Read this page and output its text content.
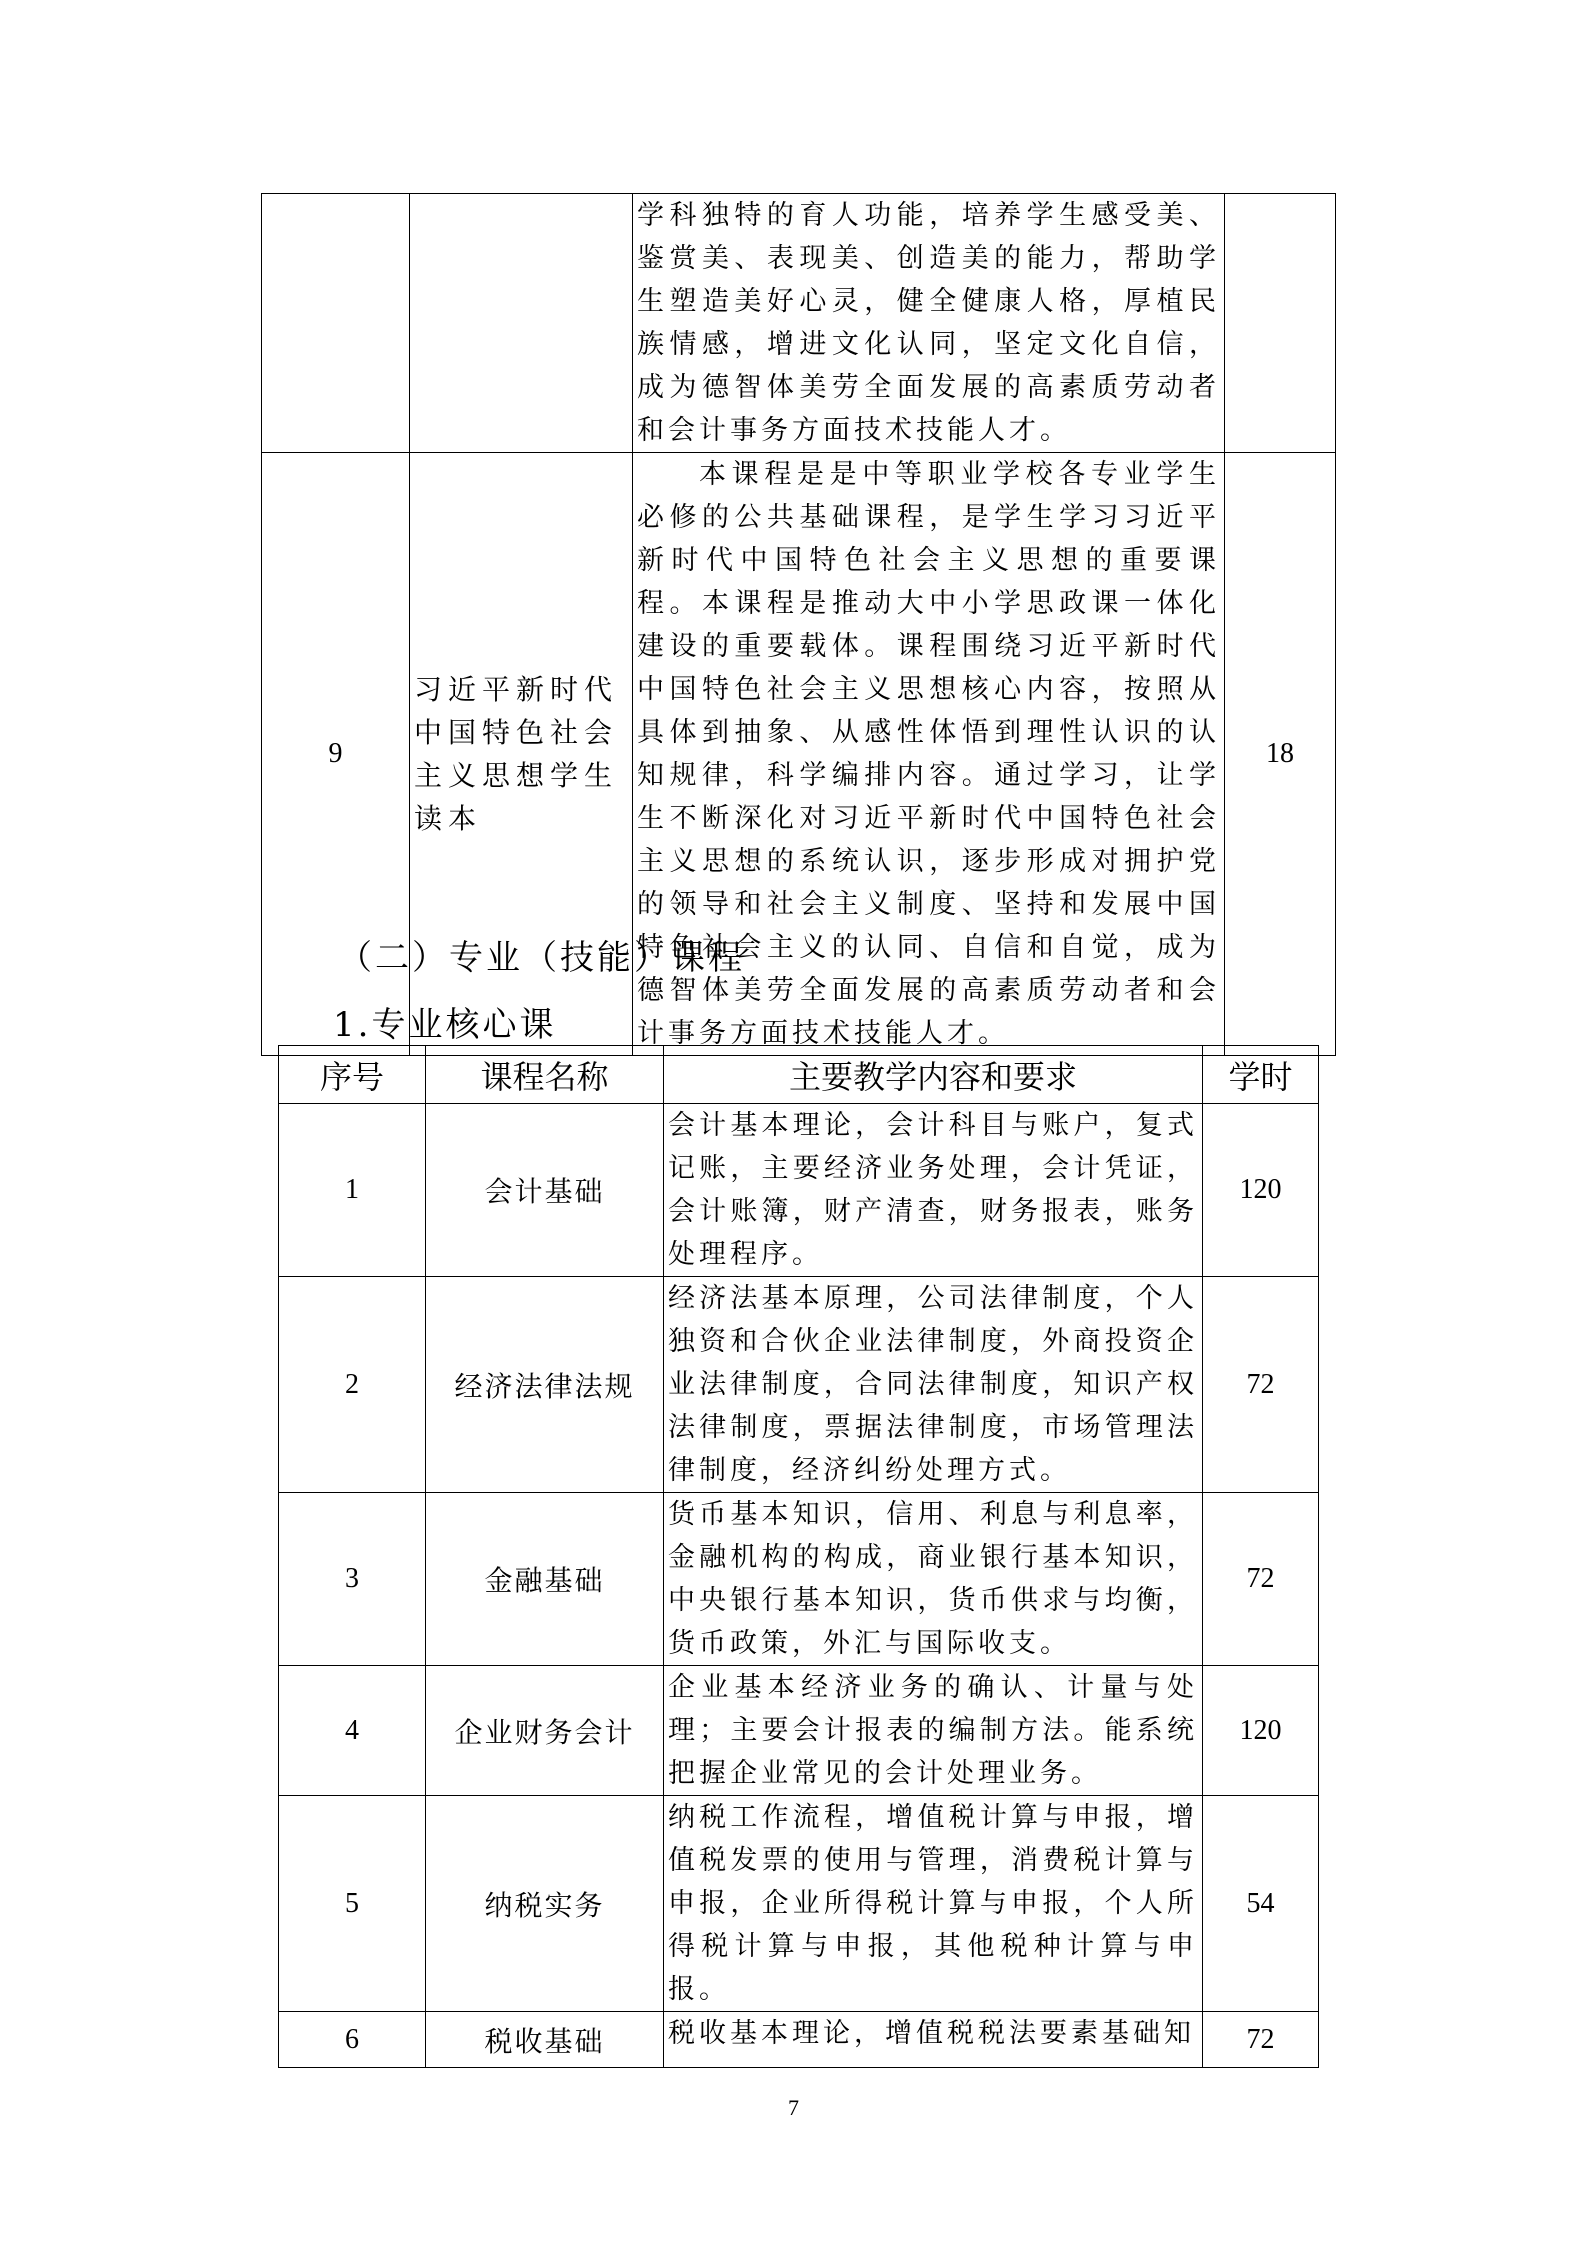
		学科独特的育人功能，培养学生感受美、鉴赏美、表现美、创造美的能力，帮助学生塑造美好心灵，健全健康人格，厚植民族情感，增进文化认同，坚定文化自信，成为德智体美劳全面发展的高素质劳动者和会计事务方面技术技能人才。	
9	习近平新时代中国特色社会主义思想学生读本	本课程是是中等职业学校各专业学生必修的公共基础课程，是学生学习习近平新时代中国特色社会主义思想的重要课程。本课程是推动大中小学思政课一体化建设的重要载体。课程围绕习近平新时代中国特色社会主义思想核心内容，按照从具体到抽象、从感性体悟到理性认识的认知规律，科学编排内容。通过学习，让学生不断深化对习近平新时代中国特色社会主义思想的系统认识，逐步形成对拥护党的领导和社会主义制度、坚持和发展中国特色社会主义的认同、自信和自觉，成为德智体美劳全面发展的高素质劳动者和会计事务方面技术技能人才。	18
（二）专业（技能）课程
1.专业核心课
序号	课程名称	主要教学内容和要求	学时
1	会计基础	会计基本理论，会计科目与账户，复式记账，主要经济业务处理，会计凭证，会计账簿，财产清查，财务报表，账务处理程序。	120
2	经济法律法规	经济法基本原理，公司法律制度，个人独资和合伙企业法律制度，外商投资企业法律制度，合同法律制度，知识产权法律制度，票据法律制度，市场管理法律制度，经济纠纷处理方式。	72
3	金融基础	货币基本知识，信用、利息与利息率，金融机构的构成，商业银行基本知识，中央银行基本知识，货币供求与均衡，货币政策，外汇与国际收支。	72
4	企业财务会计	企业基本经济业务的确认、计量与处理；主要会计报表的编制方法。能系统把握企业常见的会计处理业务。	120
5	纳税实务	纳税工作流程，增值税计算与申报，增值税发票的使用与管理，消费税计算与申报，企业所得税计算与申报，个人所得税计算与申报，其他税种计算与申报。	54
6	税收基础	税收基本理论，增值税税法要素基础知	72
7
